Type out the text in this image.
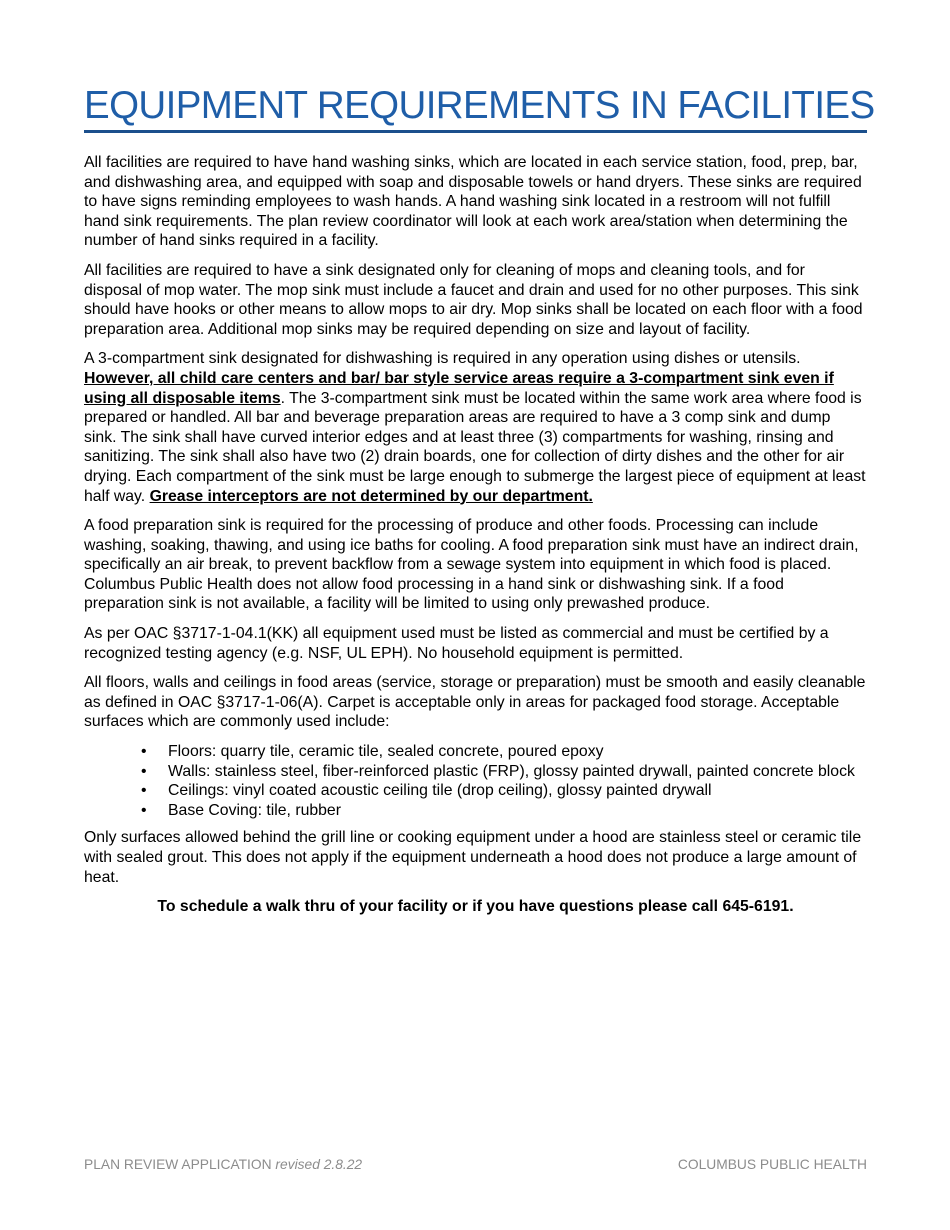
EQUIPMENT REQUIREMENTS IN FACILITIES

All facilities are required to have hand washing sinks, which are located in each service station, food, prep, bar, and dishwashing area, and equipped with soap and disposable towels or hand dryers. These sinks are required to have signs reminding employees to wash hands. A hand washing sink located in a restroom will not fulfill hand sink requirements. The plan review coordinator will look at each work area/station when determining the number of hand sinks required in a facility.

All facilities are required to have a sink designated only for cleaning of mops and cleaning tools, and for disposal of mop water. The mop sink must include a faucet and drain and used for no other purposes. This sink should have hooks or other means to allow mops to air dry. Mop sinks shall be located on each floor with a food preparation area. Additional mop sinks may be required depending on size and layout of facility.

A 3-compartment sink designated for dishwashing is required in any operation using dishes or utensils. However, all child care centers and bar/ bar style service areas require a 3-compartment sink even if using all disposable items. The 3-compartment sink must be located within the same work area where food is prepared or handled. All bar and beverage preparation areas are required to have a 3 comp sink and dump sink. The sink shall have curved interior edges and at least three (3) compartments for washing, rinsing and sanitizing. The sink shall also have two (2) drain boards, one for collection of dirty dishes and the other for air drying. Each compartment of the sink must be large enough to submerge the largest piece of equipment at least half way. Grease interceptors are not determined by our department.

A food preparation sink is required for the processing of produce and other foods. Processing can include washing, soaking, thawing, and using ice baths for cooling. A food preparation sink must have an indirect drain, specifically an air break, to prevent backflow from a sewage system into equipment in which food is placed. Columbus Public Health does not allow food processing in a hand sink or dishwashing sink. If a food preparation sink is not available, a facility will be limited to using only prewashed produce.

As per OAC §3717-1-04.1(KK) all equipment used must be listed as commercial and must be certified by a recognized testing agency (e.g. NSF, UL EPH). No household equipment is permitted.

All floors, walls and ceilings in food areas (service, storage or preparation) must be smooth and easily cleanable as defined in OAC §3717-1-06(A). Carpet is acceptable only in areas for packaged food storage. Acceptable surfaces which are commonly used include:

• Floors: quarry tile, ceramic tile, sealed concrete, poured epoxy
• Walls: stainless steel, fiber-reinforced plastic (FRP), glossy painted drywall, painted concrete block
• Ceilings: vinyl coated acoustic ceiling tile (drop ceiling), glossy painted drywall
• Base Coving: tile, rubber

Only surfaces allowed behind the grill line or cooking equipment under a hood are stainless steel or ceramic tile with sealed grout. This does not apply if the equipment underneath a hood does not produce a large amount of heat.

To schedule a walk thru of your facility or if you have questions please call 645-6191.

PLAN REVIEW APPLICATION revised 2.8.22	COLUMBUS PUBLIC HEALTH
